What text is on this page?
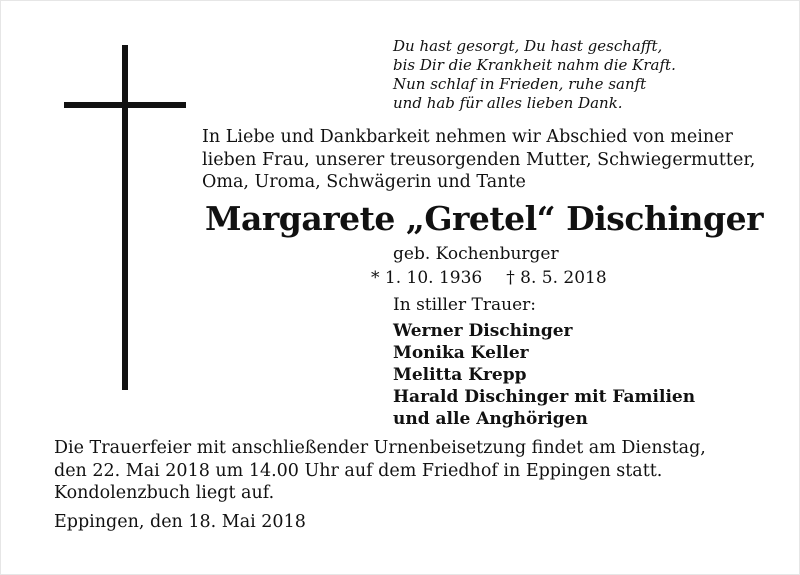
Du hast gesorgt, Du hast geschafft,
bis Dir die Krankheit nahm die Kraft.
Nun schlaf in Frieden, ruhe sanft
und hab für alles lieben Dank.
In Liebe und Dankbarkeit nehmen wir Abschied von meiner
lieben Frau, unserer treusorgenden Mutter, Schwiegermutter,
Oma, Uroma, Schwägerin und Tante
Margarete „Gretel“ Dischinger
geb. Kochenburger
* 1. 10. 1936 † 8. 5. 2018
In stiller Trauer:
Werner Dischinger
Monika Keller
Melitta Krepp
Harald Dischinger mit Familien
und alle Anghörigen
Die Trauerfeier mit anschließender Urnenbeisetzung findet am Dienstag,
den 22. Mai 2018 um 14.00 Uhr auf dem Friedhof in Eppingen statt.
Kondolenzbuch liegt auf.
Eppingen, den 18. Mai 2018
